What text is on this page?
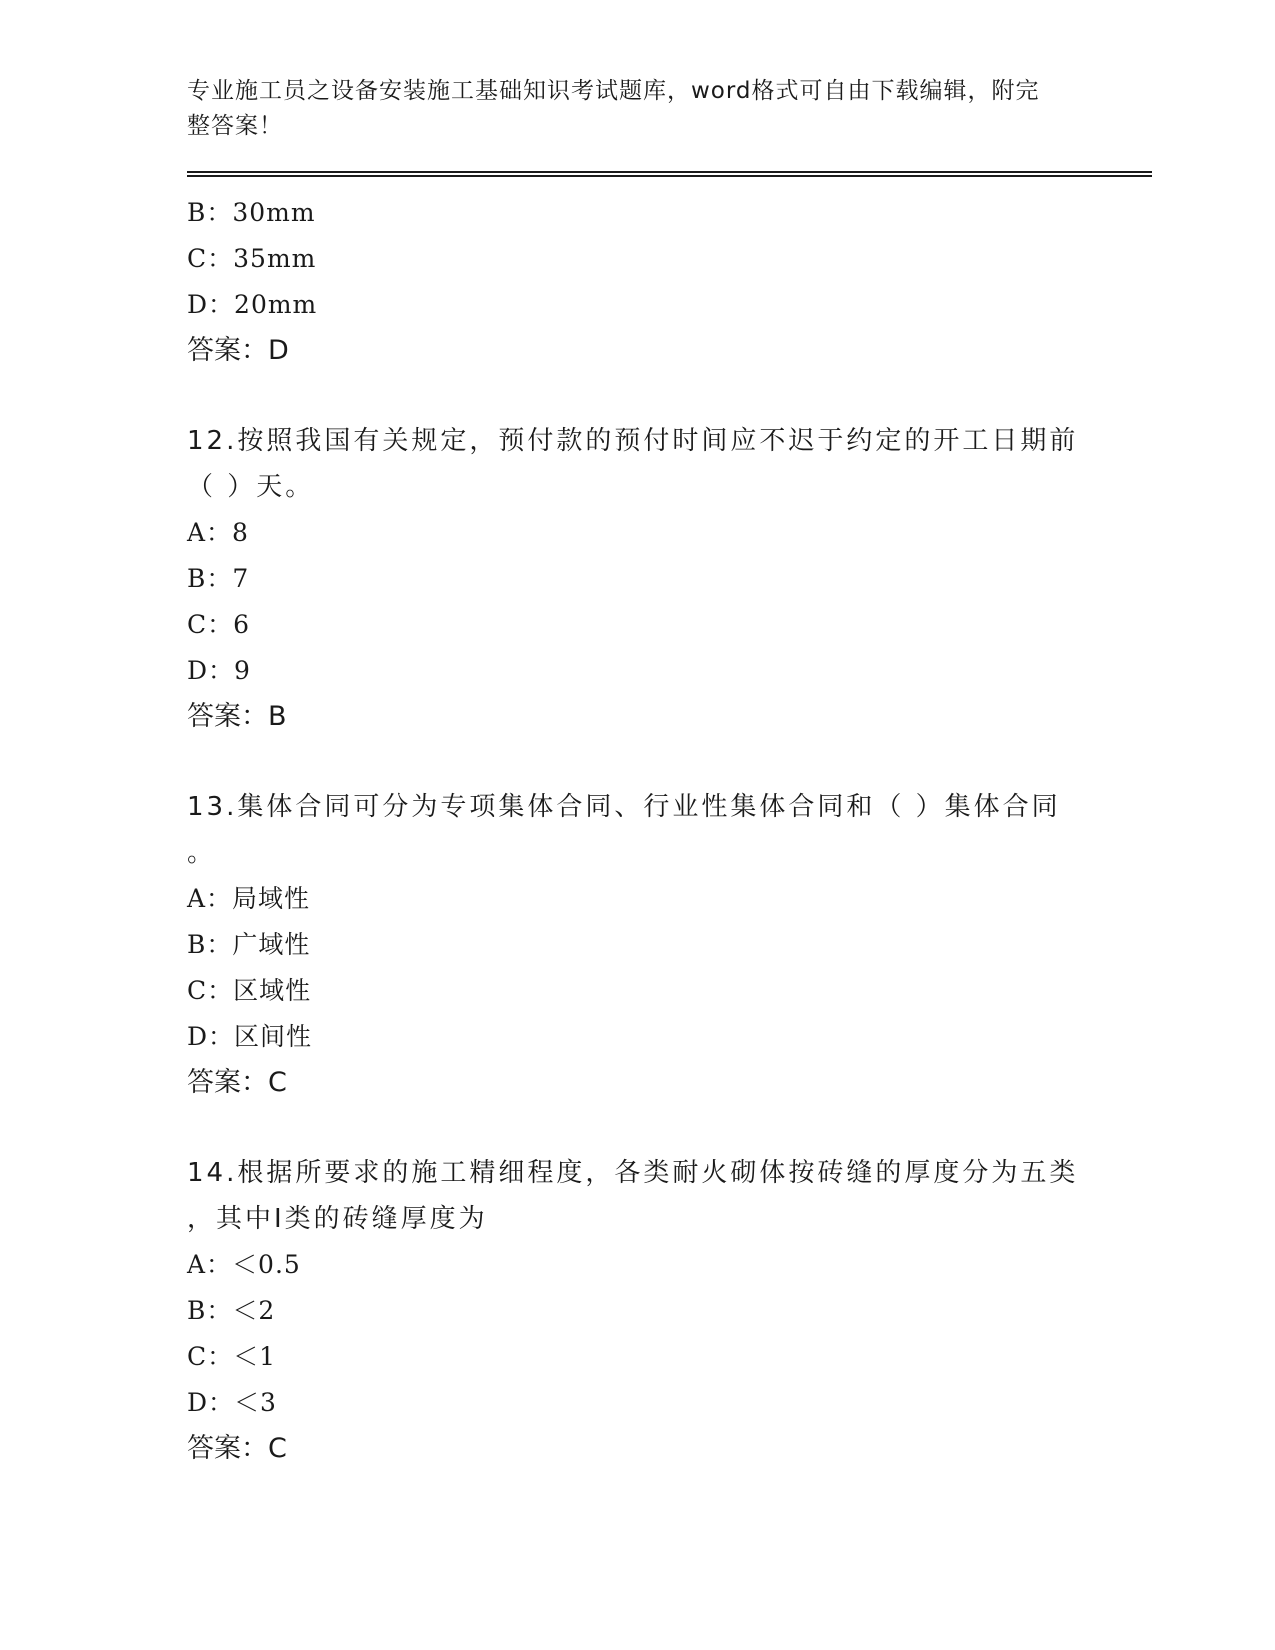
专业施工员之设备安装施工基础知识考试题库，word格式可自由下载编辑，附完
整答案！
B：30mm
C：35mm
D：20mm
答案：D
12.按照我国有关规定，预付款的预付时间应不迟于约定的开工日期前
（ ）天。
A：8
B：7
C：6
D：9
答案：B
13.集体合同可分为专项集体合同、行业性集体合同和（ ）集体合同
。
A：局域性
B：广域性
C：区域性
D：区间性
答案：C
14.根据所要求的施工精细程度，各类耐火砌体按砖缝的厚度分为五类
，其中Ⅰ类的砖缝厚度为
A：＜0.5
B：＜2
C：＜1
D：＜3
答案：C
